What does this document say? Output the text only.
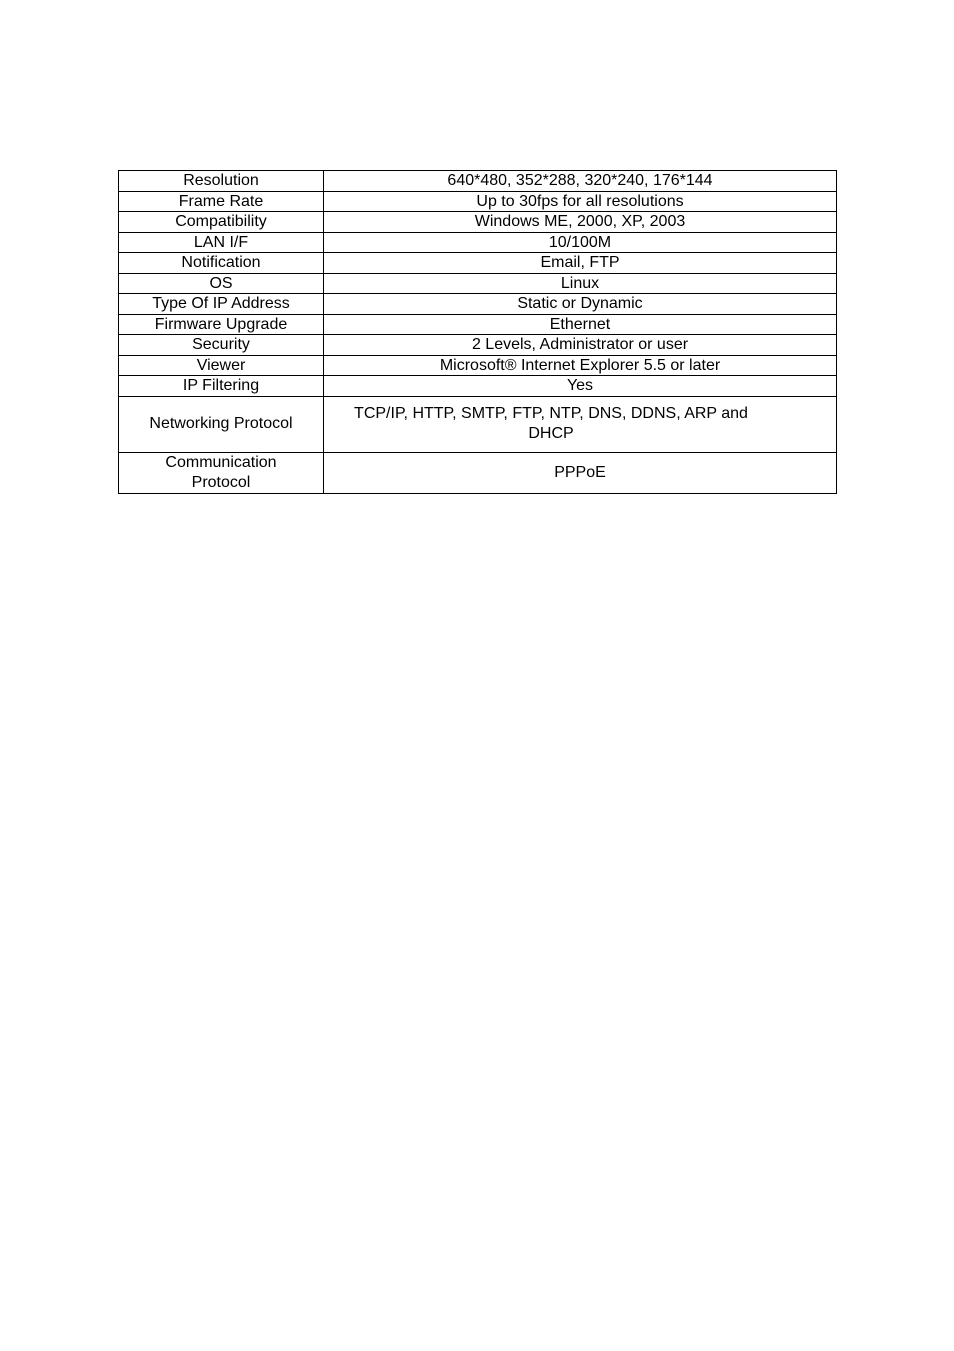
Resolution	640*480, 352*288, 320*240, 176*144
Frame Rate	Up to 30fps for all resolutions
Compatibility	Windows ME, 2000, XP, 2003
LAN I/F	10/100M
Notification	Email, FTP
OS	Linux
Type Of IP Address	Static or Dynamic
Firmware Upgrade	Ethernet
Security	2 Levels, Administrator or user
Viewer	Microsoft® Internet Explorer 5.5 or later
IP Filtering	Yes
Networking Protocol	TCP/IP, HTTP, SMTP, FTP, NTP, DNS, DDNS, ARP and DHCP

Communication Protocol	PPPoE
